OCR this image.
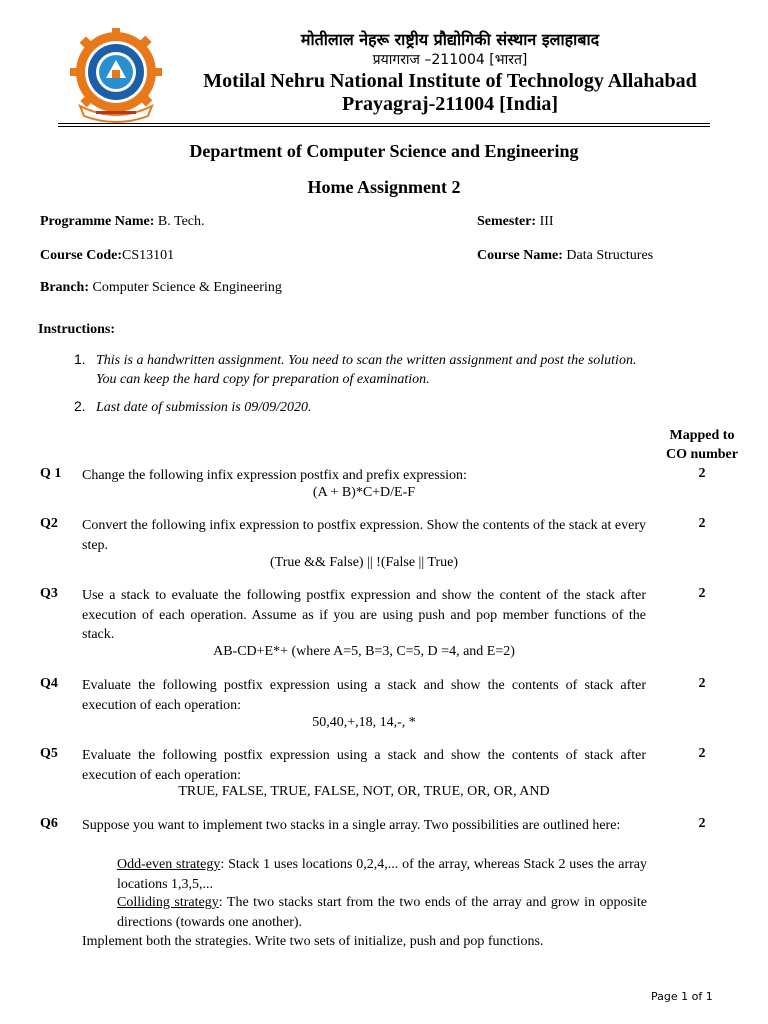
मोतीलाल नेहरू राष्ट्रीय प्रौद्योगिकी संस्थान इलाहाबाद
प्रयागराज –211004 [भारत]
Motilal Nehru National Institute of Technology Allahabad
Prayagraj-211004 [India]
Department of Computer Science and Engineering
Home Assignment 2
Programme Name: B. Tech.	Semester: III
Course Code:CS13101	Course Name: Data Structures
Branch: Computer Science & Engineering
Instructions:
1. This is a handwritten assignment. You need to scan the written assignment and post the solution.
You can keep the hard copy for preparation of examination.
2. Last date of submission is 09/09/2020.
Mapped to
CO number
Q 1 Change the following infix expression postfix and prefix expression:
(A + B)*C+D/E-F
2
Q2 Convert the following infix expression to postfix expression. Show the contents of the stack at every step.
(True && False) || !(False || True)
2
Q3 Use a stack to evaluate the following postfix expression and show the content of the stack after execution of each operation. Assume as if you are using push and pop member functions of the stack.
AB-CD+E*+ (where A=5, B=3, C=5, D =4, and E=2)
2
Q4 Evaluate the following postfix expression using a stack and show the contents of stack after execution of each operation:
50,40,+,18, 14,-, *
2
Q5 Evaluate the following postfix expression using a stack and show the contents of stack after execution of each operation:
TRUE, FALSE, TRUE, FALSE, NOT, OR, TRUE, OR, OR, AND
2
Q6 Suppose you want to implement two stacks in a single array. Two possibilities are outlined here:
Odd-even strategy: Stack 1 uses locations 0,2,4,... of the array, whereas Stack 2 uses the array locations 1,3,5,...
Colliding strategy: The two stacks start from the two ends of the array and grow in opposite directions (towards one another).
Implement both the strategies. Write two sets of initialize, push and pop functions.
2
Page 1 of 1
